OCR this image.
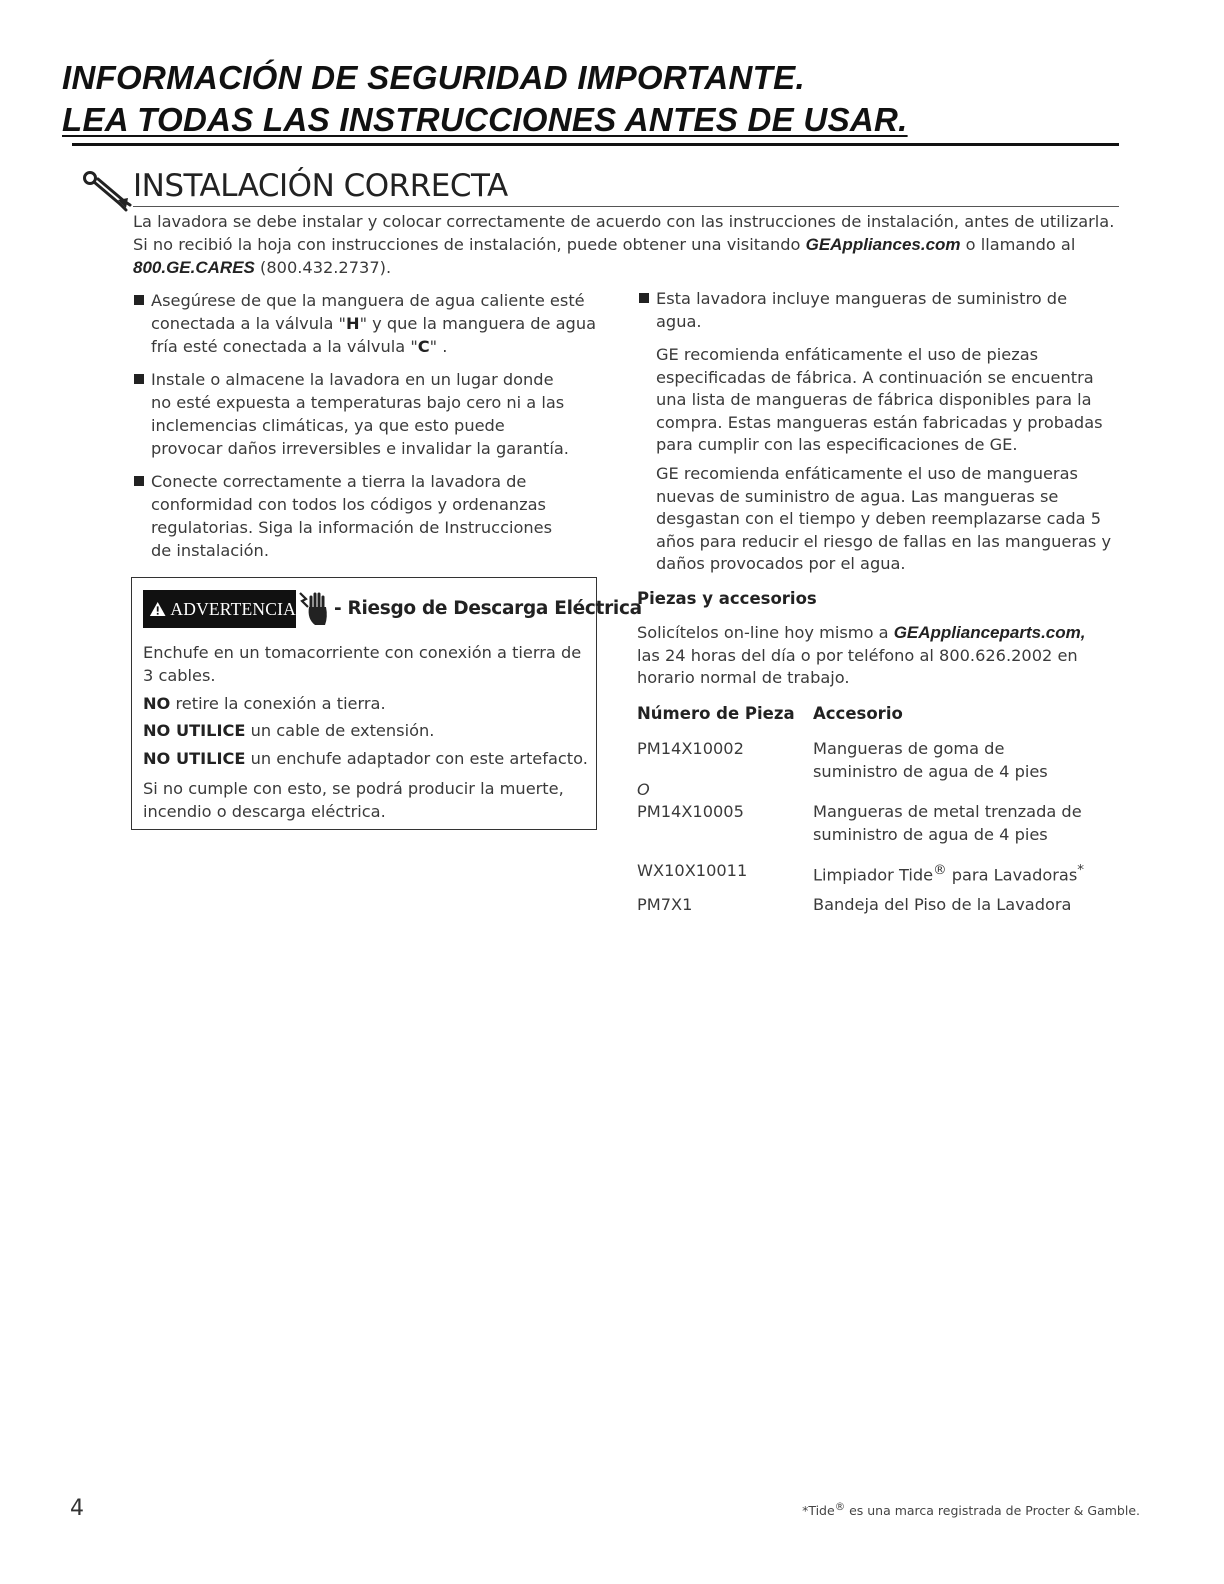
INFORMACIÓN DE SEGURIDAD IMPORTANTE.
LEA TODAS LAS INSTRUCCIONES ANTES DE USAR.
INSTALACIÓN CORRECTA
La lavadora se debe instalar y colocar correctamente de acuerdo con las instrucciones de instalación, antes de utilizarla. Si no recibió la hoja con instrucciones de instalación, puede obtener una visitando GEAppliances.com o llamando al
800.GE.CARES (800.432.2737).
Asegúrese de que la manguera de agua caliente esté conectada a la válvula "H" y que la manguera de agua fría esté conectada a la válvula "C" .
Instale o almacene la lavadora en un lugar donde no esté expuesta a temperaturas bajo cero ni a las inclemencias climáticas, ya que esto puede provocar daños irreversibles e invalidar la garantía.
Conecte correctamente a tierra la lavadora de conformidad con todos los códigos y ordenanzas regulatorias. Siga la información de Instrucciones de instalación.
ADVERTENCIA - Riesgo de Descarga Eléctrica
Enchufe en un tomacorriente con conexión a tierra de 3 cables.
NO retire la conexión a tierra.
NO UTILICE un cable de extensión.
NO UTILICE un enchufe adaptador con este artefacto.
Si no cumple con esto, se podrá producir la muerte, incendio o descarga eléctrica.
Esta lavadora incluye mangueras de suministro de agua.
GE recomienda enfáticamente el uso de piezas especificadas de fábrica. A continuación se encuentra una lista de mangueras de fábrica disponibles para la compra. Estas mangueras están fabricadas y probadas para cumplir con las especificaciones de GE.
GE recomienda enfáticamente el uso de mangueras nuevas de suministro de agua. Las mangueras se desgastan con el tiempo y deben reemplazarse cada 5 años para reducir el riesgo de fallas en las mangueras y daños provocados por el agua.
Piezas y accesorios
Solicítelos on-line hoy mismo a GEApplianceparts.com, las 24 horas del día o por teléfono al 800.626.2002 en horario normal de trabajo.
Número de Pieza Accesorio
PM14X10002	Mangueras de goma de suministro de agua de 4 pies
O
PM14X10005	Mangueras de metal trenzada de suministro de agua de 4 pies
WX10X10011	Limpiador Tide® para Lavadoras*
PM7X1	Bandeja del Piso de la Lavadora
4	*Tide® es una marca registrada de Procter & Gamble.
